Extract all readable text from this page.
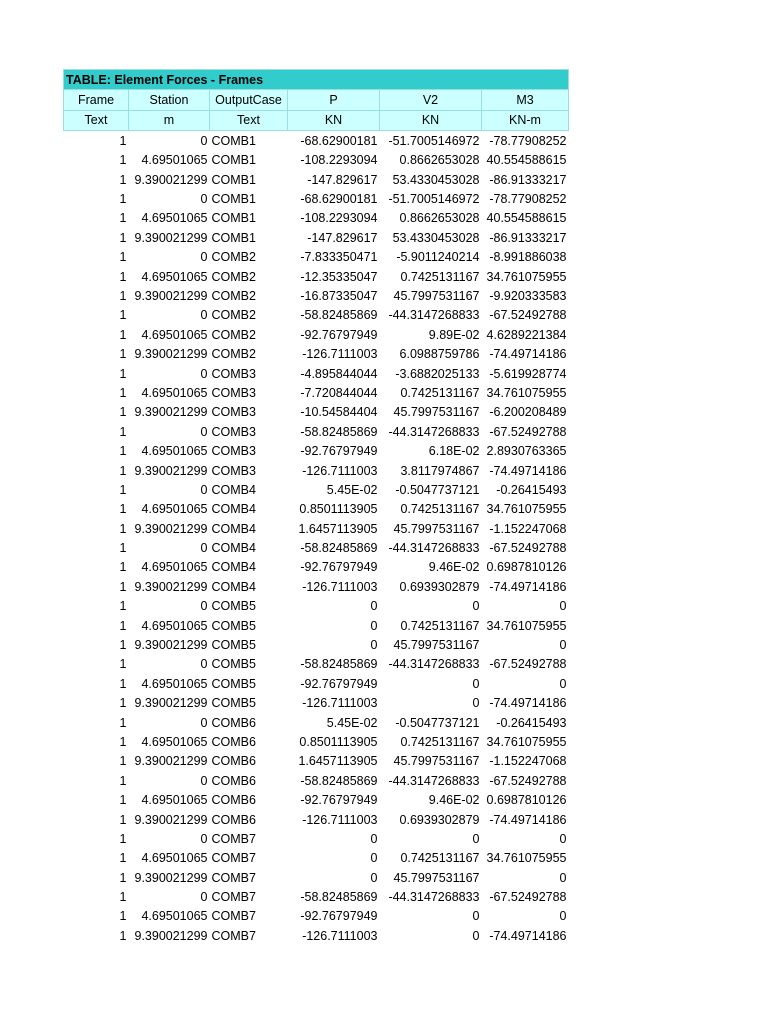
TABLE: Element Forces - Frames					
Frame	Station	OutputCase	P	V2	M3
Text	m	Text	KN	KN	KN-m
1	0	COMB1	-68.62900181	-51.7005146972	-78.77908252
1	4.69501065	COMB1	-108.2293094	0.8662653028	40.554588615
1	9.390021299	COMB1	-147.829617	53.4330453028	-86.91333217
1	0	COMB1	-68.62900181	-51.7005146972	-78.77908252
1	4.69501065	COMB1	-108.2293094	0.8662653028	40.554588615
1	9.390021299	COMB1	-147.829617	53.4330453028	-86.91333217
1	0	COMB2	-7.833350471	-5.9011240214	-8.991886038
1	4.69501065	COMB2	-12.35335047	0.7425131167	34.761075955
1	9.390021299	COMB2	-16.87335047	45.7997531167	-9.920333583
1	0	COMB2	-58.82485869	-44.3147268833	-67.52492788
1	4.69501065	COMB2	-92.76797949	9.89E-02	4.6289221384
1	9.390021299	COMB2	-126.7111003	6.0988759786	-74.49714186
1	0	COMB3	-4.895844044	-3.6882025133	-5.619928774
1	4.69501065	COMB3	-7.720844044	0.7425131167	34.761075955
1	9.390021299	COMB3	-10.54584404	45.7997531167	-6.200208489
1	0	COMB3	-58.82485869	-44.3147268833	-67.52492788
1	4.69501065	COMB3	-92.76797949	6.18E-02	2.8930763365
1	9.390021299	COMB3	-126.7111003	3.8117974867	-74.49714186
1	0	COMB4	5.45E-02	-0.5047737121	-0.26415493
1	4.69501065	COMB4	0.8501113905	0.7425131167	34.761075955
1	9.390021299	COMB4	1.6457113905	45.7997531167	-1.152247068
1	0	COMB4	-58.82485869	-44.3147268833	-67.52492788
1	4.69501065	COMB4	-92.76797949	9.46E-02	0.6987810126
1	9.390021299	COMB4	-126.7111003	0.6939302879	-74.49714186
1	0	COMB5	0	0	0
1	4.69501065	COMB5	0	0.7425131167	34.761075955
1	9.390021299	COMB5	0	45.7997531167	0
1	0	COMB5	-58.82485869	-44.3147268833	-67.52492788
1	4.69501065	COMB5	-92.76797949	0	0
1	9.390021299	COMB5	-126.7111003	0	-74.49714186
1	0	COMB6	5.45E-02	-0.5047737121	-0.26415493
1	4.69501065	COMB6	0.8501113905	0.7425131167	34.761075955
1	9.390021299	COMB6	1.6457113905	45.7997531167	-1.152247068
1	0	COMB6	-58.82485869	-44.3147268833	-67.52492788
1	4.69501065	COMB6	-92.76797949	9.46E-02	0.6987810126
1	9.390021299	COMB6	-126.7111003	0.6939302879	-74.49714186
1	0	COMB7	0	0	0
1	4.69501065	COMB7	0	0.7425131167	34.761075955
1	9.390021299	COMB7	0	45.7997531167	0
1	0	COMB7	-58.82485869	-44.3147268833	-67.52492788
1	4.69501065	COMB7	-92.76797949	0	0
1	9.390021299	COMB7	-126.7111003	0	-74.49714186
